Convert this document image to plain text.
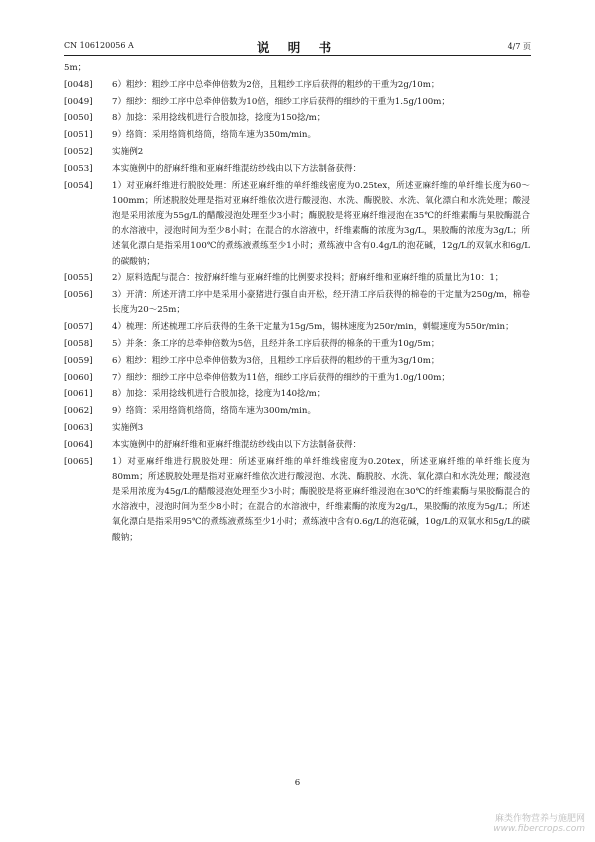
CN 106120056 A	说 明 书	4/7 页
5m；
[0048] 6）粗纱：粗纱工序中总牵伸倍数为2倍，且粗纱工序后获得的粗纱的干重为2g/10m；
[0049] 7）细纱：细纱工序中总牵伸倍数为10倍，细纱工序后获得的细纱的干重为1.5g/100m；
[0050] 8）加捻：采用捻线机进行合股加捻，捻度为150捻/m；
[0051] 9）络筒：采用络筒机络筒，络筒车速为350m/min。
[0052] 实施例2
[0053] 本实施例中的舒麻纤维和亚麻纤维混纺纱线由以下方法制备获得：
[0054] 1）对亚麻纤维进行脱胶处理：所述亚麻纤维的单纤维线密度为0.25tex，所述亚麻纤维的单纤维长度为60～100mm；所述脱胶处理是指对亚麻纤维依次进行酸浸泡、水洗、酶脱胶、水洗、氧化漂白和水洗处理；酸浸泡是采用浓度为55g/L的醋酸浸泡处理至少3小时；酶脱胶是将亚麻纤维浸泡在35℃的纤维素酶与果胶酶混合的水溶液中，浸泡时间为至少8小时；在混合的水溶液中，纤维素酶的浓度为3g/L，果胶酶的浓度为3g/L；所述氧化漂白是指采用100℃的煮练液煮练至少1小时；煮练液中含有0.4g/L的泡花碱，12g/L的双氧水和6g/L的碳酸钠；
[0055] 2）原料选配与混合：按舒麻纤维与亚麻纤维的比例要求投料；舒麻纤维和亚麻纤维的质量比为10：1；
[0056] 3）开清：所述开清工序中是采用小豪猪进行强自由开松，经开清工序后获得的棉卷的干定量为250g/m，棉卷长度为20～25m；
[0057] 4）梳理：所述梳理工序后获得的生条干定量为15g/5m，锡林速度为250r/min，刺辊速度为550r/min；
[0058] 5）并条：条工序的总牵伸倍数为5倍，且经并条工序后获得的棉条的干重为10g/5m；
[0059] 6）粗纱：粗纱工序中总牵伸倍数为3倍，且粗纱工序后获得的粗纱的干重为3g/10m；
[0060] 7）细纱：细纱工序中总牵伸倍数为11倍，细纱工序后获得的细纱的干重为1.0g/100m；
[0061] 8）加捻：采用捻线机进行合股加捻，捻度为140捻/m；
[0062] 9）络筒：采用络筒机络筒，络筒车速为300m/min。
[0063] 实施例3
[0064] 本实施例中的舒麻纤维和亚麻纤维混纺纱线由以下方法制备获得：
[0065] 1）对亚麻纤维进行脱胶处理：所述亚麻纤维的单纤维线密度为0.20tex，所述亚麻纤维的单纤维长度为80mm；所述脱胶处理是指对亚麻纤维依次进行酸浸泡、水洗、酶脱胶、水洗、氧化漂白和水洗处理；酸浸泡是采用浓度为45g/L的醋酸浸泡处理至少3小时；酶脱胶是将亚麻纤维浸泡在30℃的纤维素酶与果胶酶混合的水溶液中，浸泡时间为至少8小时；在混合的水溶液中，纤维素酶的浓度为2g/L，果胶酶的浓度为5g/L；所述氧化漂白是指采用95℃的煮练液煮练至少1小时；煮练液中含有0.6g/L的泡花碱，10g/L的双氧水和5g/L的碳酸钠；
6
麻类作物营养与施肥网
www.fibercrops.com
